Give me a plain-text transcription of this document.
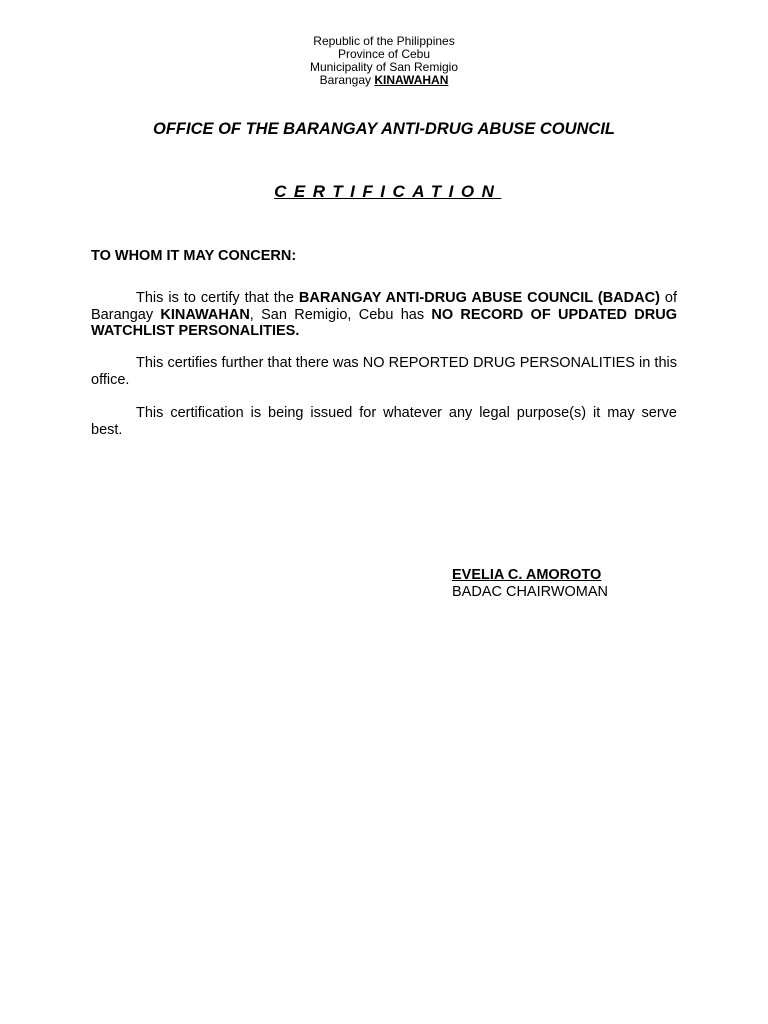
Republic of the Philippines
Province of Cebu
Municipality of San Remigio
Barangay KINAWAHAN
OFFICE OF THE BARANGAY ANTI-DRUG ABUSE COUNCIL
CERTIFICATION
TO WHOM IT MAY CONCERN:

This is to certify that the BARANGAY ANTI-DRUG ABUSE COUNCIL (BADAC) of Barangay KINAWAHAN, San Remigio, Cebu has NO RECORD OF UPDATED DRUG WATCHLIST PERSONALITIES.

This certifies further that there was NO REPORTED DRUG PERSONALITIES in this office.

This certification is being issued for whatever any legal purpose(s) it may serve best.

EVELIA C. AMOROTO
BADAC CHAIRWOMAN
